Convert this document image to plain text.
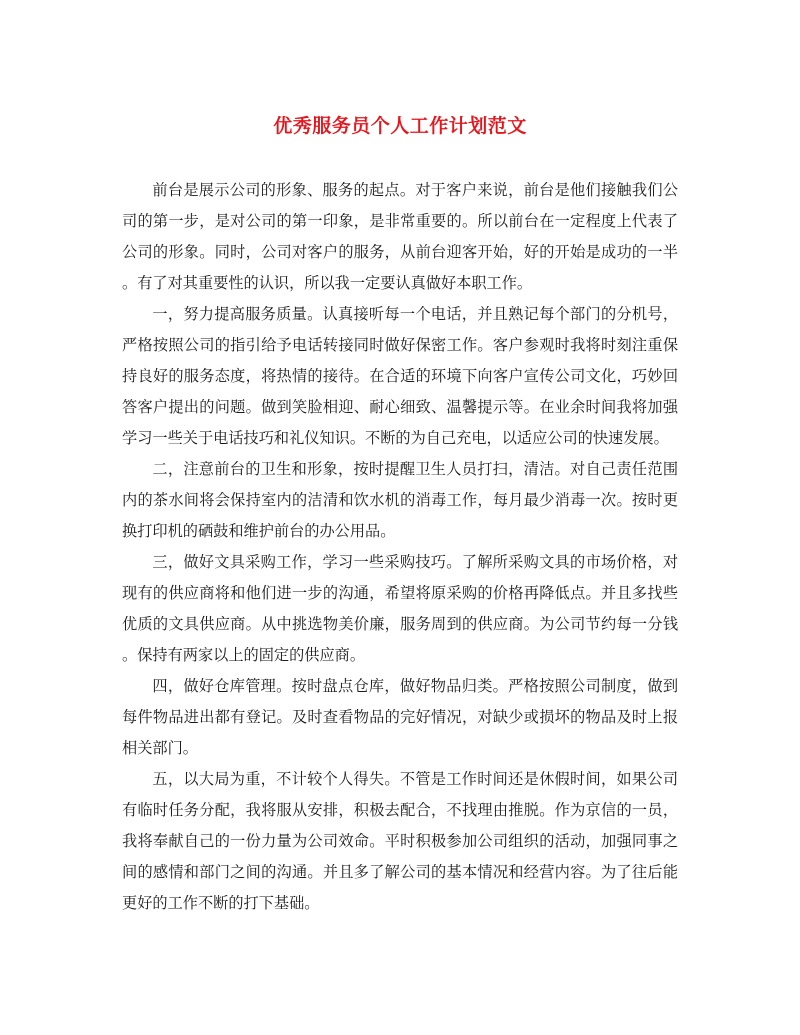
优秀服务员个人工作计划范文

前台是展示公司的形象、服务的起点。对于客户来说，前台是他们接触我们公司的第一步，是对公司的第一印象，是非常重要的。所以前台在一定程度上代表了公司的形象。同时，公司对客户的服务，从前台迎客开始，好的开始是成功的一半。有了对其重要性的认识，所以我一定要认真做好本职工作。

一，努力提高服务质量。认真接听每一个电话，并且熟记每个部门的分机号，严格按照公司的指引给予电话转接同时做好保密工作。客户参观时我将时刻注重保持良好的服务态度，将热情的接待。在合适的环境下向客户宣传公司文化，巧妙回答客户提出的问题。做到笑脸相迎、耐心细致、温馨提示等。在业余时间我将加强学习一些关于电话技巧和礼仪知识。不断的为自己充电，以适应公司的快速发展。

二，注意前台的卫生和形象，按时提醒卫生人员打扫，清洁。对自己责任范围内的茶水间将会保持室内的洁清和饮水机的消毒工作，每月最少消毒一次。按时更换打印机的硒鼓和维护前台的办公用品。

三，做好文具采购工作，学习一些采购技巧。了解所采购文具的市场价格，对现有的供应商将和他们进一步的沟通，希望将原采购的价格再降低点。并且多找些优质的文具供应商。从中挑选物美价廉，服务周到的供应商。为公司节约每一分钱。保持有两家以上的固定的供应商。

四，做好仓库管理。按时盘点仓库，做好物品归类。严格按照公司制度，做到每件物品进出都有登记。及时查看物品的完好情况，对缺少或损坏的物品及时上报相关部门。

五，以大局为重，不计较个人得失。不管是工作时间还是休假时间，如果公司有临时任务分配，我将服从安排，积极去配合，不找理由推脱。作为京信的一员，我将奉献自己的一份力量为公司效命。平时积极参加公司组织的活动，加强同事之间的感情和部门之间的沟通。并且多了解公司的基本情况和经营内容。为了往后能更好的工作不断的打下基础。
